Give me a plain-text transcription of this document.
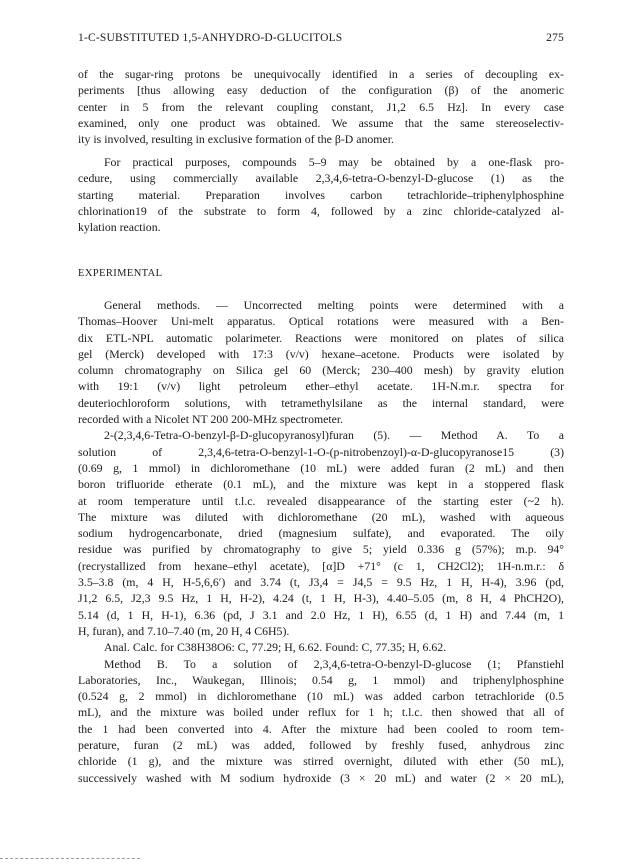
1-C-SUBSTITUTED 1,5-ANHYDRO-D-GLUCITOLS	275
of the sugar-ring protons be unequivocally identified in a series of decoupling ex-
periments [thus allowing easy deduction of the configuration (β) of the anomeric
center in 5 from the relevant coupling constant, J1,2 6.5 Hz]. In every case
examined, only one product was obtained. We assume that the same stereoselectiv-
ity is involved, resulting in exclusive formation of the β-D anomer.
For practical purposes, compounds 5–9 may be obtained by a one-flask pro-
cedure, using commercially available 2,3,4,6-tetra-O-benzyl-D-glucose (1) as the
starting material. Preparation involves carbon tetrachloride–triphenylphosphine
chlorination19 of the substrate to form 4, followed by a zinc chloride-catalyzed al-
kylation reaction.
EXPERIMENTAL
General methods. — Uncorrected melting points were determined with a
Thomas–Hoover Uni-melt apparatus. Optical rotations were measured with a Ben-
dix ETL-NPL automatic polarimeter. Reactions were monitored on plates of silica
gel (Merck) developed with 17:3 (v/v) hexane–acetone. Products were isolated by
column chromatography on Silica gel 60 (Merck; 230–400 mesh) by gravity elution
with 19:1 (v/v) light petroleum ether–ethyl acetate. 1H-N.m.r. spectra for
deuteriochloroform solutions, with tetramethylsilane as the internal standard, were
recorded with a Nicolet NT 200 200-MHz spectrometer.
2-(2,3,4,6-Tetra-O-benzyl-β-D-glucopyranosyl)furan (5). — Method A. To a
solution of 2,3,4,6-tetra-O-benzyl-1-O-(p-nitrobenzoyl)-α-D-glucopyranose15 (3)
(0.69 g, 1 mmol) in dichloromethane (10 mL) were added furan (2 mL) and then
boron trifluoride etherate (0.1 mL), and the mixture was kept in a stoppered flask
at room temperature until t.l.c. revealed disappearance of the starting ester (~2 h).
The mixture was diluted with dichloromethane (20 mL), washed with aqueous
sodium hydrogencarbonate, dried (magnesium sulfate), and evaporated. The oily
residue was purified by chromatography to give 5; yield 0.336 g (57%); m.p. 94°
(recrystallized from hexane–ethyl acetate), [α]D +71° (c 1, CH2Cl2); 1H-n.m.r.: δ
3.5–3.8 (m, 4 H, H-5,6,6′) and 3.74 (t, J3,4 = J4,5 = 9.5 Hz, 1 H, H-4), 3.96 (pd,
J1,2 6.5, J2,3 9.5 Hz, 1 H, H-2), 4.24 (t, 1 H, H-3), 4.40–5.05 (m, 8 H, 4 PhCH2O),
5.14 (d, 1 H, H-1), 6.36 (pd, J 3.1 and 2.0 Hz, 1 H), 6.55 (d, 1 H) and 7.44 (m, 1
H, furan), and 7.10–7.40 (m, 20 H, 4 C6H5).
Anal. Calc. for C38H38O6: C, 77.29; H, 6.62. Found: C, 77.35; H, 6.62.
Method B. To a solution of 2,3,4,6-tetra-O-benzyl-D-glucose (1; Pfanstiehl
Laboratories, Inc., Waukegan, Illinois; 0.54 g, 1 mmol) and triphenylphosphine
(0.524 g, 2 mmol) in dichloromethane (10 mL) was added carbon tetrachloride (0.5
mL), and the mixture was boiled under reflux for 1 h; t.l.c. then showed that all of
the 1 had been converted into 4. After the mixture had been cooled to room tem-
perature, furan (2 mL) was added, followed by freshly fused, anhydrous zinc
chloride (1 g), and the mixture was stirred overnight, diluted with ether (50 mL),
successively washed with M sodium hydroxide (3 × 20 mL) and water (2 × 20 mL),
